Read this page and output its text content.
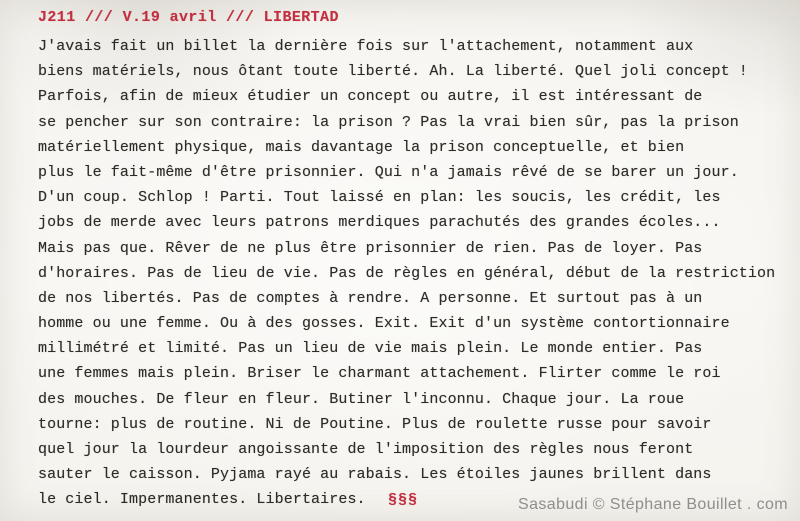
J211 /// V.19 avril /// LIBERTAD
J'avais fait un billet la dernière fois sur l'attachement, notamment aux
biens matériels, nous ôtant toute liberté. Ah. La liberté. Quel joli concept !
Parfois, afin de mieux étudier un concept ou autre, il est intéressant de
se pencher sur son contraire: la prison ? Pas la vrai bien sûr, pas la prison
matériellement physique, mais davantage la prison conceptuelle, et bien
plus le fait-même d'être prisonnier. Qui n'a jamais rêvé de se barer un jour.
D'un coup. Schlop ! Parti. Tout laissé en plan: les soucis, les crédit, les
jobs de merde avec leurs patrons merdiques parachutés des grandes écoles...
Mais pas que. Rêver de ne plus être prisonnier de rien. Pas de loyer. Pas
d'horaires. Pas de lieu de vie. Pas de règles en général, début de la restriction
de nos libertés. Pas de comptes à rendre. A personne. Et surtout pas à un
homme ou une femme. Ou à des gosses. Exit. Exit d'un système contortionnaire
millimétré et limité. Pas un lieu de vie mais plein. Le monde entier. Pas
une femmes mais plein. Briser le charmant attachement. Flirter comme le roi
des mouches. De fleur en fleur. Butiner l'inconnu. Chaque jour. La roue
tourne: plus de routine. Ni de Poutine. Plus de roulette russe pour savoir
quel jour la lourdeur angoissante de l'imposition des règles nous feront
sauter le caisson. Pyjama rayé au rabais. Les étoiles jaunes brillent dans
le ciel. Impermanentes. Libertaires.	§§§	Sasabudi © Stéphane Bouillet . com
